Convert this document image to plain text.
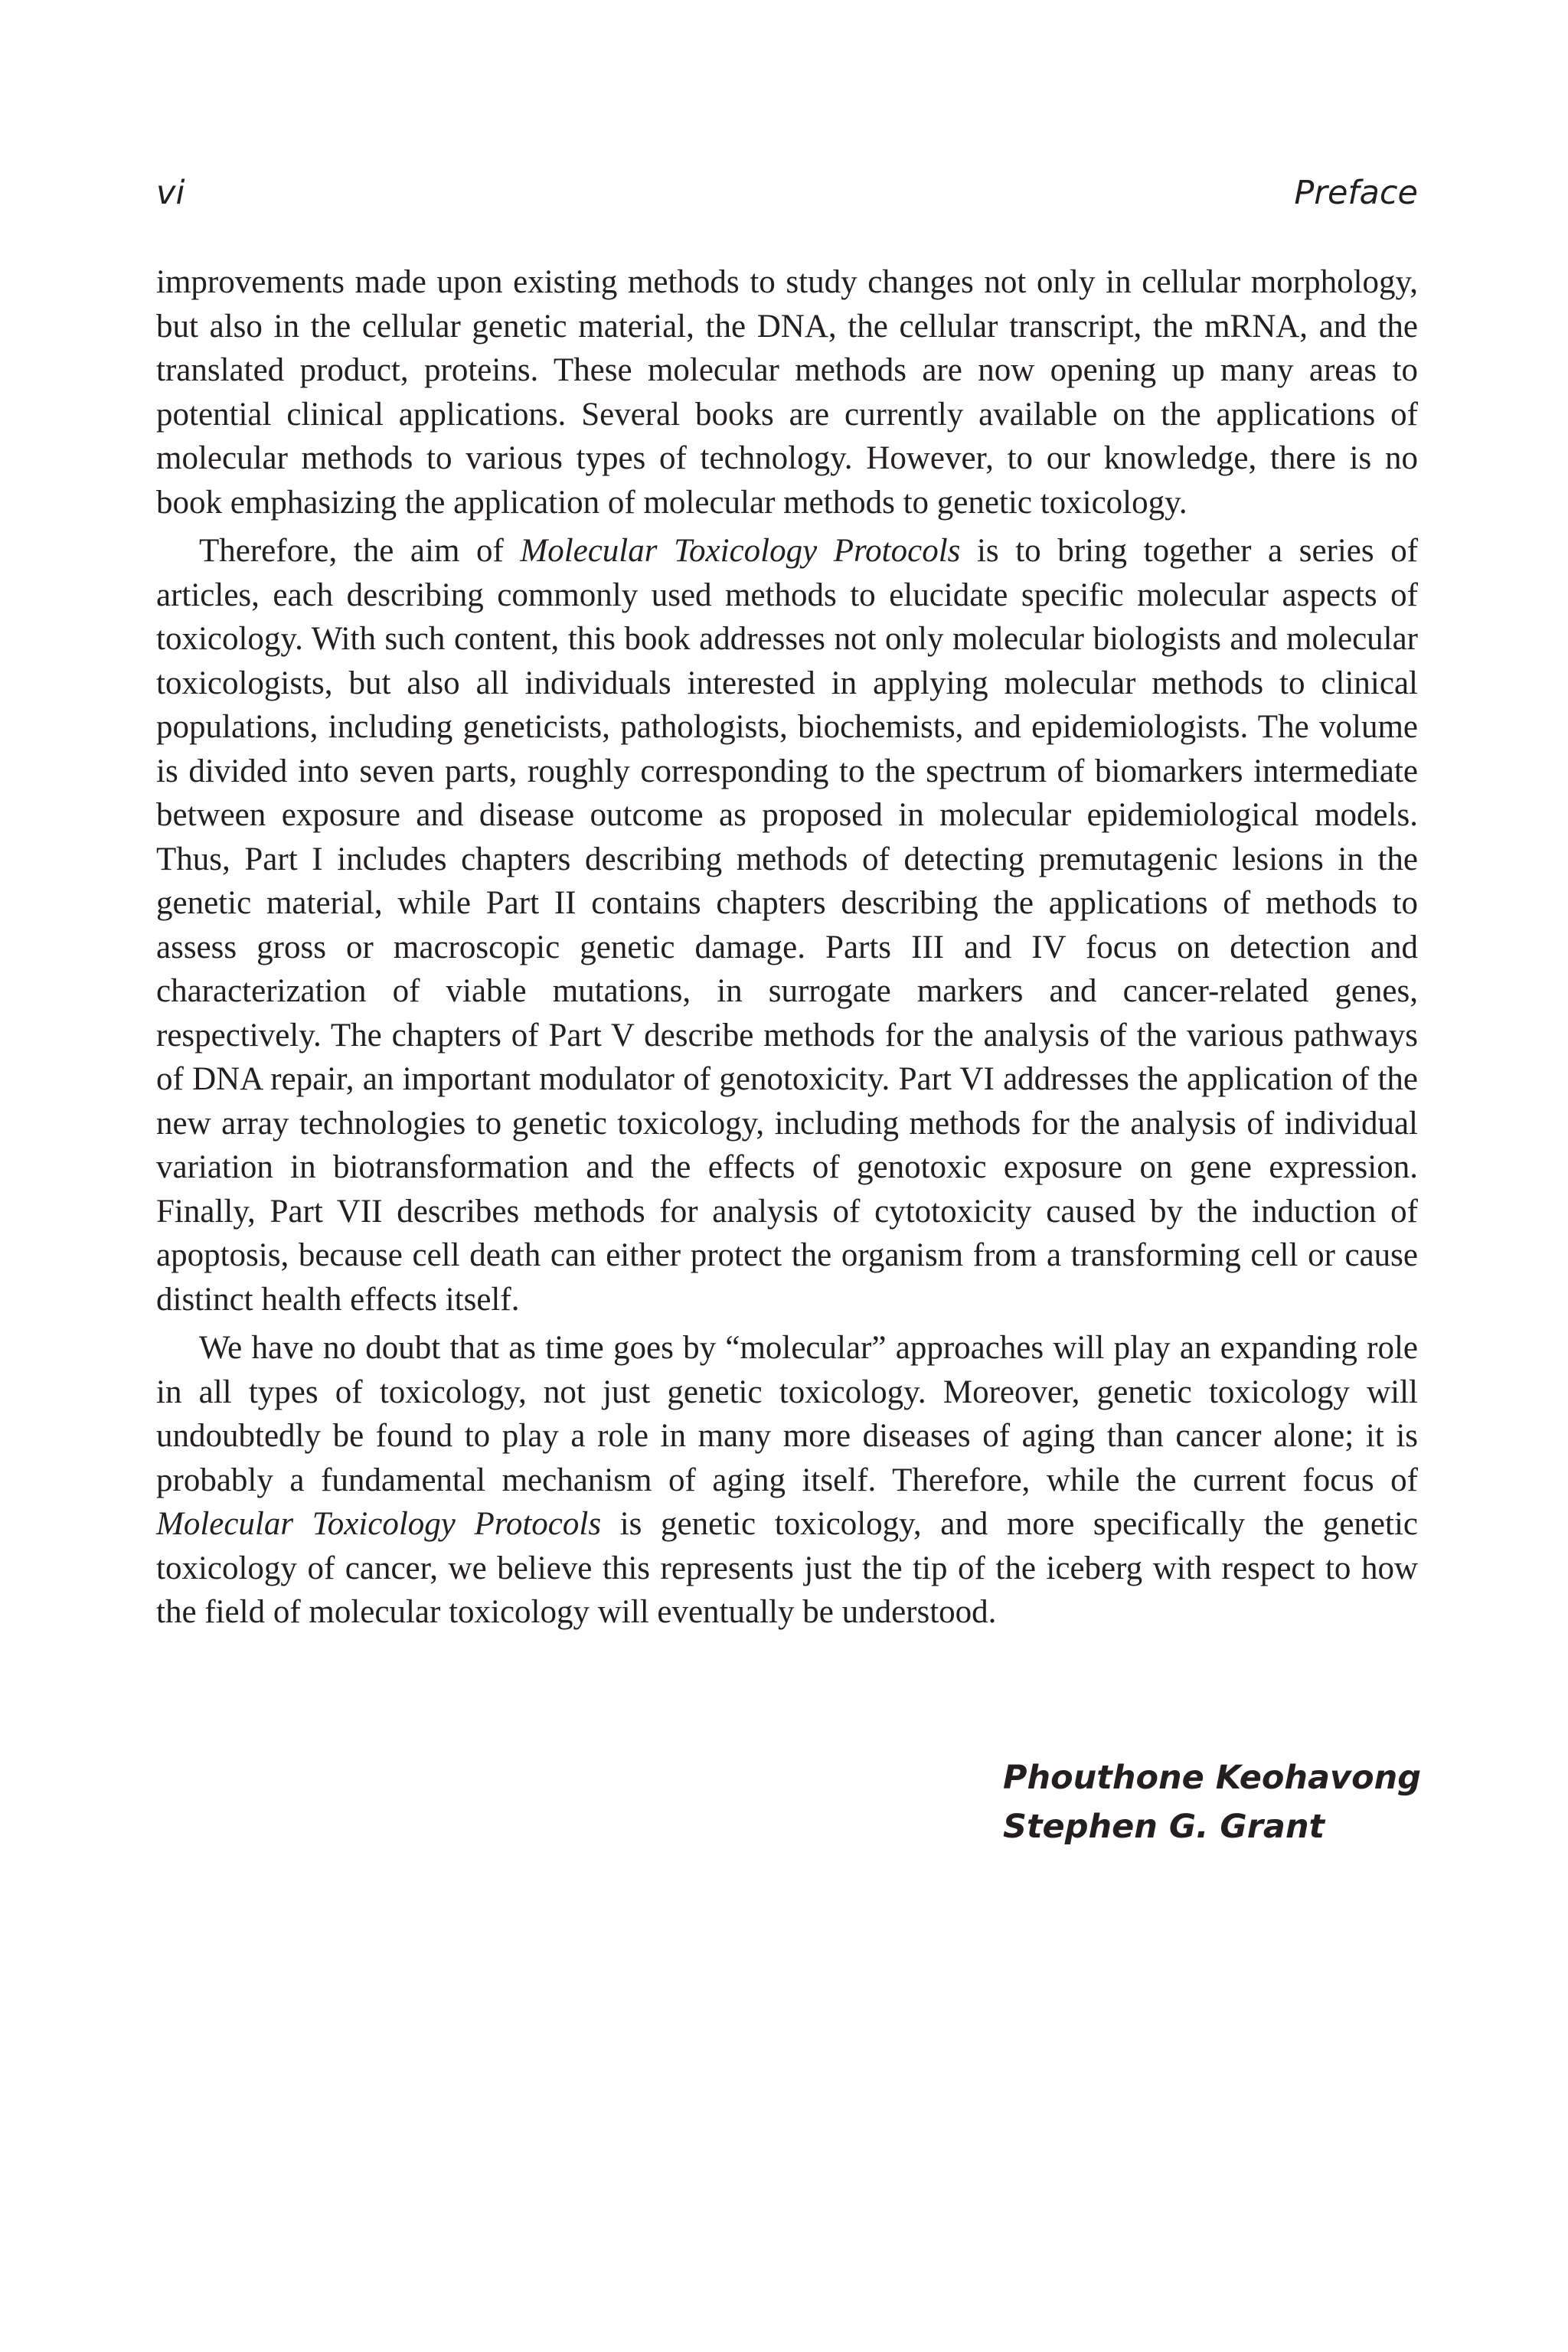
vi	Preface

improvements made upon existing methods to study changes not only in cellular morphology, but also in the cellular genetic material, the DNA, the cellular transcript, the mRNA, and the translated product, proteins. These molecular methods are now opening up many areas to potential clinical applications. Several books are currently available on the applications of molecular methods to various types of technology. However, to our knowledge, there is no book emphasizing the application of molecular methods to genetic toxicology.

Therefore, the aim of Molecular Toxicology Protocols is to bring together a series of articles, each describing commonly used methods to elucidate specific molecular aspects of toxicology. With such content, this book addresses not only molecular biologists and molecular toxicologists, but also all individuals interested in applying molecular methods to clinical populations, including geneticists, pathologists, biochemists, and epidemiologists. The volume is divided into seven parts, roughly corresponding to the spectrum of biomarkers intermediate between exposure and disease outcome as proposed in molecular epidemiological models. Thus, Part I includes chapters describing methods of detecting premutagenic lesions in the genetic material, while Part II contains chapters describing the applications of methods to assess gross or macroscopic genetic damage. Parts III and IV focus on detection and characterization of viable mutations, in surrogate markers and cancer-related genes, respectively. The chapters of Part V describe methods for the analysis of the various pathways of DNA repair, an important modulator of genotoxicity. Part VI addresses the application of the new array technologies to genetic toxicology, including methods for the analysis of individual variation in biotransformation and the effects of genotoxic exposure on gene expression. Finally, Part VII describes methods for analysis of cytotoxicity caused by the induction of apoptosis, because cell death can either protect the organism from a transforming cell or cause distinct health effects itself.

We have no doubt that as time goes by “molecular” approaches will play an expanding role in all types of toxicology, not just genetic toxicology. Moreover, genetic toxicology will undoubtedly be found to play a role in many more diseases of aging than cancer alone; it is probably a fundamental mechanism of aging itself. Therefore, while the current focus of Molecular Toxicology Protocols is genetic toxicology, and more specifically the genetic toxicology of cancer, we believe this represents just the tip of the iceberg with respect to how the field of molecular toxicology will eventually be understood.

Phouthone Keohavong
Stephen G. Grant
